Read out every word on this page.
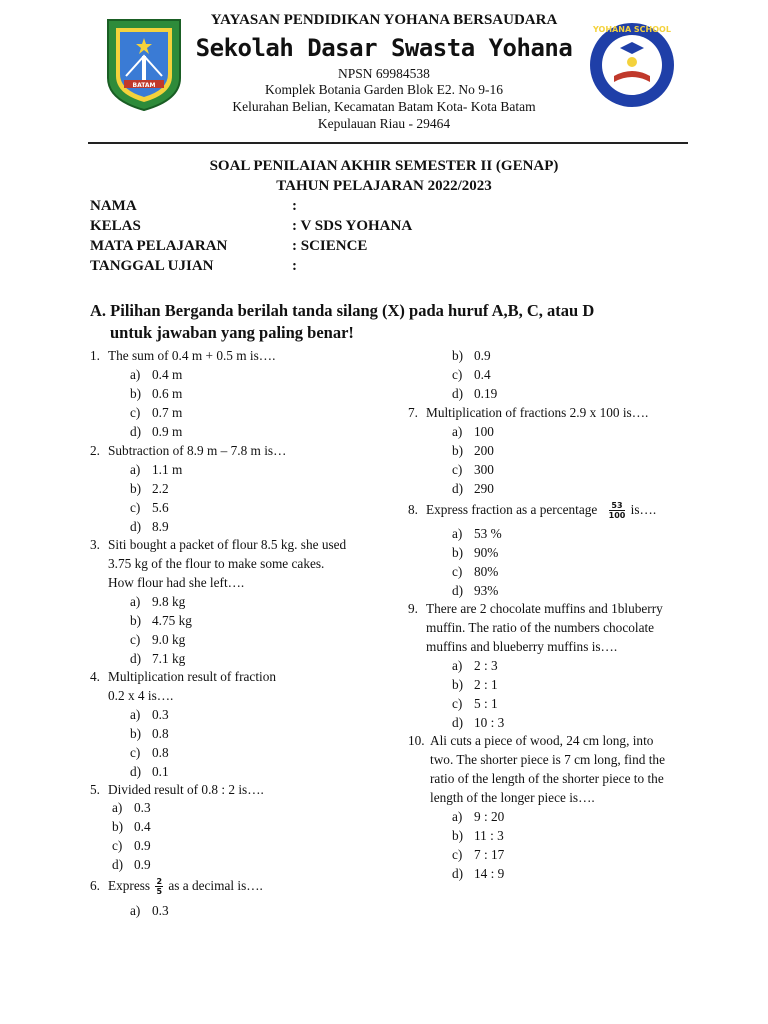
BATAM
YOHANA SCHOOL
YAYASAN PENDIDIKAN YOHANA BERSAUDARA
Sekolah Dasar Swasta Yohana
NPSN 69984538
Komplek Botania Garden Blok E2. No 9-16
Kelurahan Belian, Kecamatan Batam Kota- Kota Batam
Kepulauan Riau - 29464
SOAL PENILAIAN AKHIR SEMESTER II (GENAP)
TAHUN PELAJARAN 2022/2023
NAMA	:
KELAS	: V SDS YOHANA
MATA PELAJARAN	: SCIENCE
TANGGAL UJIAN	:
A. Pilihan Berganda berilah tanda silang (X) pada huruf A,B, C, atau D
untuk jawaban yang paling benar!
1. The sum of 0.4 m + 0.5 m is….
a) 0.4 m
b) 0.6 m
c) 0.7 m
d) 0.9 m
2. Subtraction of 8.9 m – 7.8 m is…
a) 1.1 m
b) 2.2
c) 5.6
d) 8.9
3. Siti bought a packet of flour 8.5 kg. she used
3.75 kg of the flour to make some cakes.
How flour had she left….
a) 9.8 kg
b) 4.75 kg
c) 9.0 kg
d) 7.1 kg
4. Multiplication result of fraction
0.2 x 4 is….
a) 0.3
b) 0.8
c) 0.8
d) 0.1
5. Divided result of 0.8 : 2 is….
a) 0.3
b) 0.4
c) 0.9
d) 0.9
6. Express $\frac{2}{5}$ as a decimal is….
a) 0.3
b) 0.9
c) 0.4
d) 0.19
7. Multiplication of fractions 2.9 x 100 is….
a) 100
b) 200
c) 300
d) 290
8. Express fraction as a percentage $\frac{53}{100}$ is….
a) 53 %
b) 90%
c) 80%
d) 93%
9. There are 2 chocolate muffins and 1bluberry
muffin. The ratio of the numbers chocolate
muffins and blueberry muffins is….
a) 2 : 3
b) 2 : 1
c) 5 : 1
d) 10 : 3
10. Ali cuts a piece of wood, 24 cm long, into
two. The shorter piece is 7 cm long, find the
ratio of the length of the shorter piece to the
length of the longer piece is….
a) 9 : 20
b) 11 : 3
c) 7 : 17
d) 14 : 9
